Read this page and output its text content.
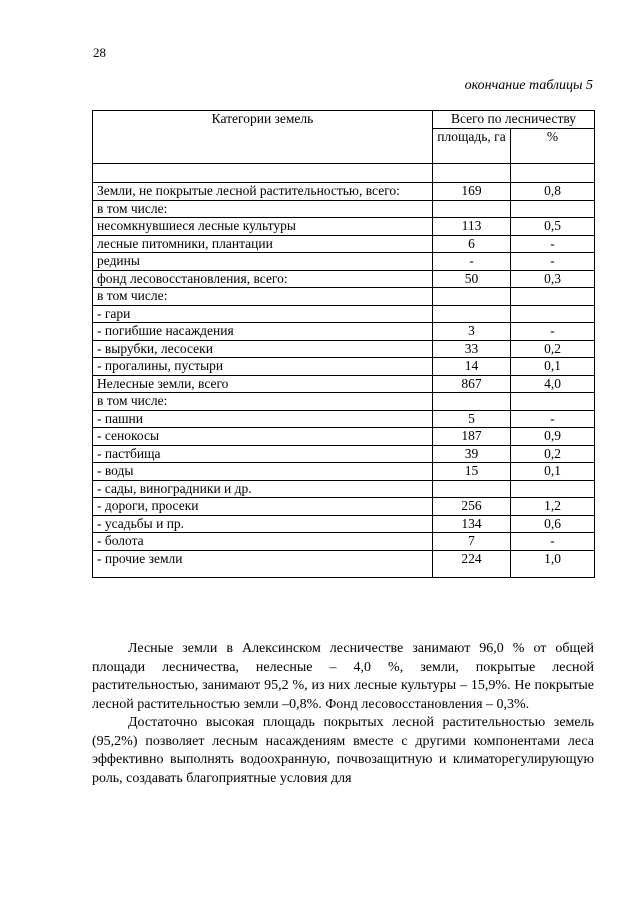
28
окончание таблицы 5
Категории земель	Всего по лесничеству	
	площадь, га	%

Земли, не покрытые лесной растительностью, всего:	169	0,8
в том числе:		
несомкнувшиеся лесные культуры	113	0,5
лесные питомники, плантации	6	-
редины	-	-
фонд лесовосстановления, всего:	50	0,3
в том числе:		
- гари		
- погибшие насаждения	3	-
- вырубки, лесосеки	33	0,2
- прогалины, пустыри	14	0,1
Нелесные земли, всего	867	4,0
в том числе:		
- пашни	5	-
- сенокосы	187	0,9
- пастбища	39	0,2
- воды	15	0,1
- сады, виноградники и др.		
- дороги, просеки	256	1,2
- усадьбы и пр.	134	0,6
- болота	7	-
- прочие земли	224	1,0

Лесные земли в Алексинском лесничестве занимают 96,0 % от общей площади лесничества, нелесные – 4,0 %, земли, покрытые лесной растительностью, занимают 95,2 %, из них лесные культуры – 15,9%. Не покрытые лесной растительностью земли –0,8%. Фонд лесовосстановления – 0,3%.

Достаточно высокая площадь покрытых лесной растительностью земель (95,2%) позволяет лесным насаждениям вместе с другими компонентами леса эффективно выполнять водоохранную, почвозащитную и климаторегулирующую роль, создавать благоприятные условия для
